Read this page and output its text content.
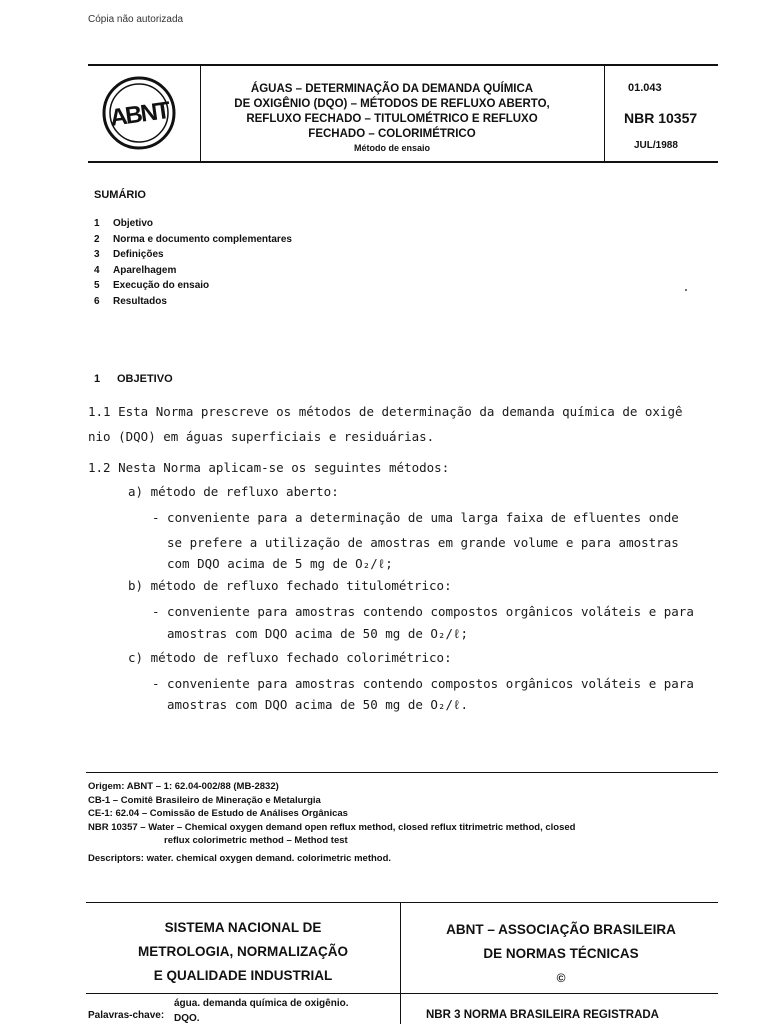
Cópia não autorizada
ABNT
ÁGUAS – DETERMINAÇÃO DA DEMANDA QUÍMICA
DE OXIGÊNIO (DQO) – MÉTODOS DE REFLUXO ABERTO,
REFLUXO FECHADO – TITULOMÉTRICO E REFLUXO
FECHADO – COLORIMÉTRICO
Método de ensaio
01.043
NBR 10357
JUL/1988
SUMÁRIO
1 Objetivo
2 Norma e documento complementares
3 Definições
4 Aparelhagem
5 Execução do ensaio
6 Resultados
1 OBJETIVO
1.1 Esta Norma prescreve os métodos de determinação da demanda química de oxigê
nio (DQO) em águas superficiais e residuárias.
1.2 Nesta Norma aplicam-se os seguintes métodos:
a) método de refluxo aberto:
- conveniente para a determinação de uma larga faixa de efluentes onde
se prefere a utilização de amostras em grande volume e para amostras
com DQO acima de 5 mg de O₂/ℓ;
b) método de refluxo fechado titulométrico:
- conveniente para amostras contendo compostos orgânicos voláteis e para
amostras com DQO acima de 50 mg de O₂/ℓ;
c) método de refluxo fechado colorimétrico:
- conveniente para amostras contendo compostos orgânicos voláteis e para
amostras com DQO acima de 50 mg de O₂/ℓ.
Origem: ABNT – 1: 62.04-002/88 (MB-2832)
CB-1 – Comitê Brasileiro de Mineração e Metalurgia
CE-1: 62.04 – Comissão de Estudo de Análises Orgânicas
NBR 10357 – Water – Chemical oxygen demand open reflux method, closed reflux titrimetric method, closed
reflux colorimetric method – Method test
Descriptors: water. chemical oxygen demand. colorimetric method.
SISTEMA NACIONAL DE
METROLOGIA, NORMALIZAÇÃO
E QUALIDADE INDUSTRIAL
ABNT – ASSOCIAÇÃO BRASILEIRA
DE NORMAS TÉCNICAS
©
Palavras-chave:
água. demanda química de oxigênio.
DQO.	NBR 3 NORMA BRASILEIRA REGISTRADA
